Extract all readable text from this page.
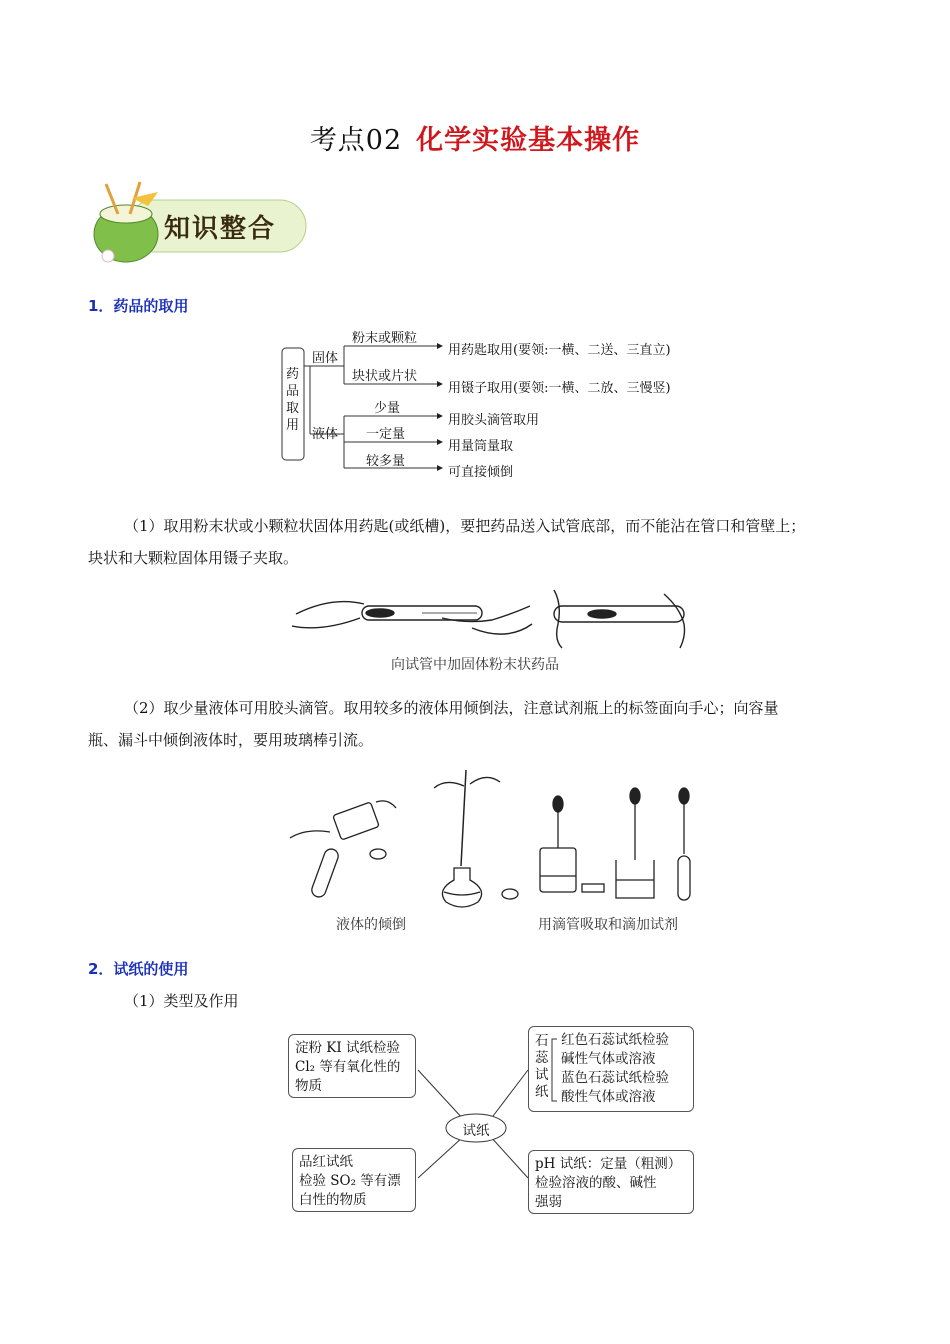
考点02 化学实验基本操作
知识整合
1．药品的取用
药品取用
固体
液体
粉末或颗粒
块状或片状
少量
一定量
较多量
用药匙取用(要领:一横、二送、三直立)
用镊子取用(要领:一横、二放、三慢竖)
用胶头滴管取用
用量筒量取
可直接倾倒
（1）取用粉末状或小颗粒状固体用药匙(或纸槽)，要把药品送入试管底部，而不能沾在管口和管壁上；
块状和大颗粒固体用镊子夹取。
向试管中加固体粉末状药品
（2）取少量液体可用胶头滴管。取用较多的液体用倾倒法，注意试剂瓶上的标签面向手心；向容量
瓶、漏斗中倾倒液体时，要用玻璃棒引流。
液体的倾倒	用滴管吸取和滴加试剂
2．试纸的使用
（1）类型及作用
试纸
淀粉 KI 试纸检验
Cl₂ 等有氧化性的
物质
品红试纸
检验 SO₂ 等有漂
白性的物质
石蕊试纸
红色石蕊试纸检验
碱性气体或溶液
蓝色石蕊试纸检验
酸性气体或溶液
pH 试纸：定量（粗测）
检验溶液的酸、碱性
强弱
